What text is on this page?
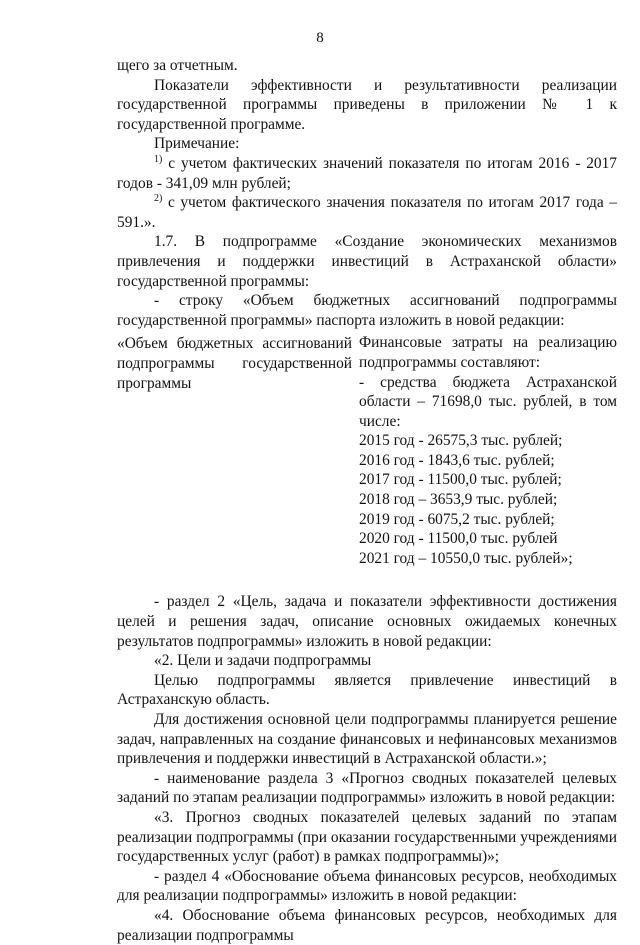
8

щего за отчетным.

Показатели эффективности и результативности реализации государственной программы приведены в приложении № 1 к государственной программе.

Примечание:

$^{1)}$ с учетом фактических значений показателя по итогам 2016 - 2017 годов - 341,09 млн рублей;

$^{2)}$ с учетом фактического значения показателя по итогам 2017 года – 591.».

1.7. В подпрограмме «Создание экономических механизмов привлечения и поддержки инвестиций в Астраханской области» государственной программы:

- строку «Объем бюджетных ассигнований подпрограммы государственной программы» паспорта изложить в новой редакции:

«Объем бюджетных ассигнований подпрограммы государственной программы

Финансовые затраты на реализацию подпрограммы составляют:

- средства бюджета Астраханской области – 71698,0 тыс. рублей, в том числе:

2015 год - 26575,3 тыс. рублей;
2016 год - 1843,6 тыс. рублей;
2017 год - 11500,0 тыс. рублей;
2018 год – 3653,9 тыс. рублей;
2019 год - 6075,2 тыс. рублей;
2020 год - 11500,0 тыс. рублей
2021 год – 10550,0 тыс. рублей»;

- раздел 2 «Цель, задача и показатели эффективности достижения целей и решения задач, описание основных ожидаемых конечных результатов подпрограммы» изложить в новой редакции:

«2. Цели и задачи подпрограммы

Целью подпрограммы является привлечение инвестиций в Астраханскую область.

Для достижения основной цели подпрограммы планируется решение задач, направленных на создание финансовых и нефинансовых механизмов привлечения и поддержки инвестиций в Астраханской области.»;

- наименование раздела 3 «Прогноз сводных показателей целевых заданий по этапам реализации подпрограммы» изложить в новой редакции:

«3. Прогноз сводных показателей целевых заданий по этапам реализации подпрограммы (при оказании государственными учреждениями государственных услуг (работ) в рамках подпрограммы)»;

- раздел 4 «Обоснование объема финансовых ресурсов, необходимых для реализации подпрограммы» изложить в новой редакции:

«4. Обоснование объема финансовых ресурсов, необходимых для реализации подпрограммы
